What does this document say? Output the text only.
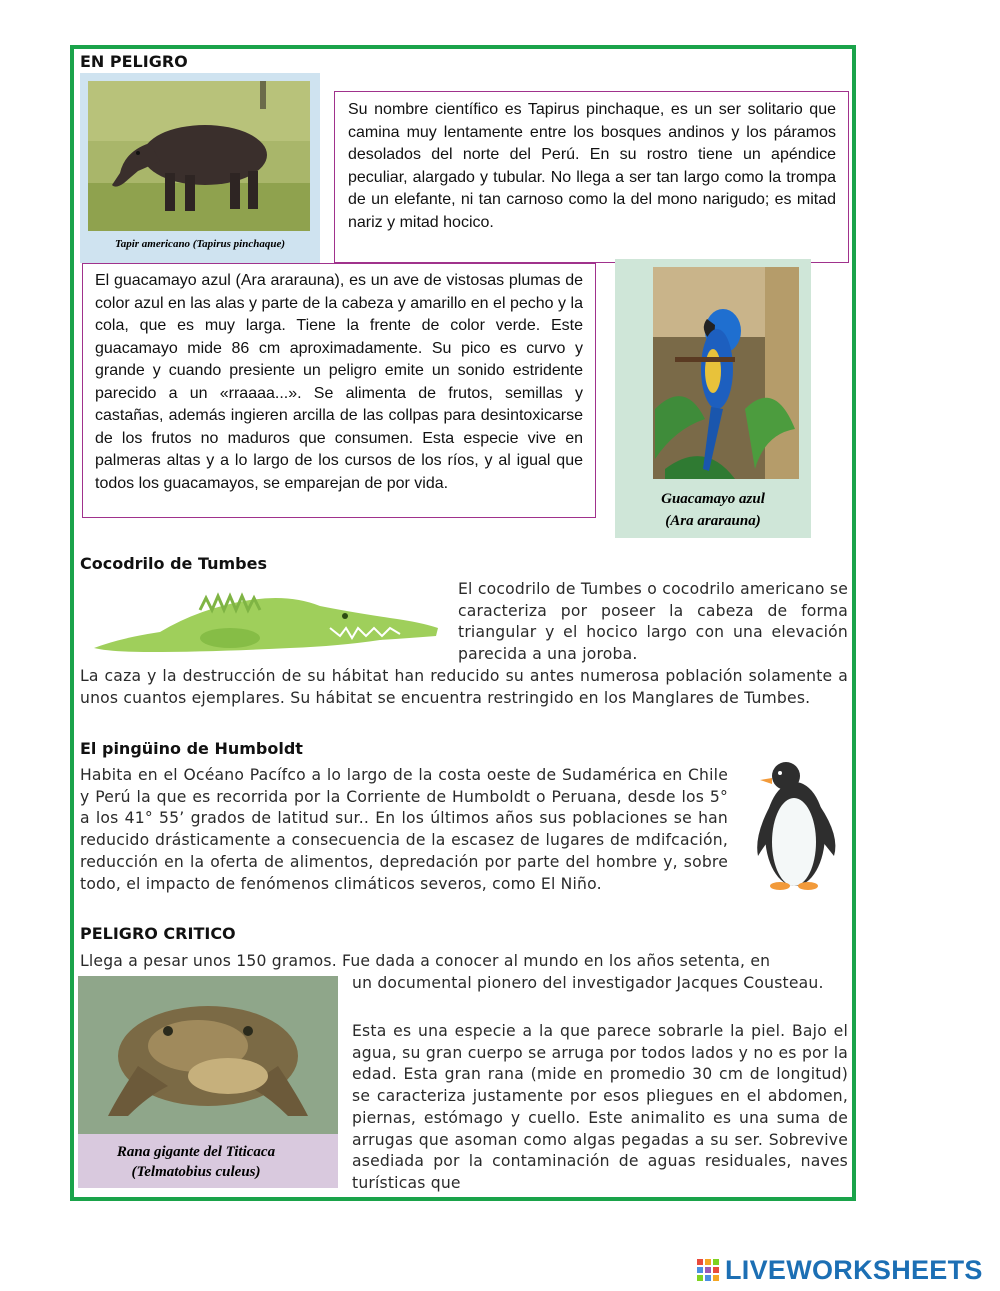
EN PELIGRO
Tapir americano (Tapirus pinchaque)
Su nombre científico es Tapirus pinchaque, es un ser solitario que camina muy lentamente entre los bosques andinos y los páramos desolados del norte del Perú. En su rostro tiene un apéndice peculiar, alargado y tubular. No llega a ser tan largo como la trompa de un elefante, ni tan carnoso como la del mono narigudo; es mitad nariz y mitad hocico.
El guacamayo azul (Ara ararauna), es un ave de vistosas plumas de color azul en las alas y parte de la cabeza y amarillo en el pecho y la cola, que es muy larga. Tiene la frente de color verde. Este guacamayo mide 86 cm aproximadamente. Su pico es curvo y grande y cuando presiente un peligro emite un sonido estridente parecido a un «rraaaa...». Se alimenta de frutos, semillas y castañas, además ingieren arcilla de las collpas para desintoxicarse de los frutos no maduros que consumen. Esta especie vive en palmeras altas y a lo largo de los cursos de los ríos, y al igual que todos los guacamayos, se emparejan de por vida.
Guacamayo azul
(Ara ararauna)
Cocodrilo de Tumbes
El cocodrilo de Tumbes o cocodrilo americano se caracteriza por poseer la cabeza de forma triangular y el hocico largo con una elevación parecida a una joroba.
La caza y la destrucción de su hábitat han reducido su antes numerosa población solamente a unos cuantos ejemplares. Su hábitat se encuentra restringido en los Manglares de Tumbes.
El pingüino de Humboldt
Habita en el Océano Pacífco a lo largo de la costa oeste de Sudamérica en Chile y Perú la que es recorrida por la Corriente de Humboldt o Peruana, desde los 5° a los 41° 55’ grados de latitud sur.. En los últimos años sus poblaciones se han reducido drásticamente a consecuencia de la escasez de lugares de mdifcación, reducción en la oferta de alimentos, depredación por parte del hombre y, sobre todo, el impacto de fenómenos climáticos severos, como El Niño.
PELIGRO CRITICO
Llega a pesar unos 150 gramos. Fue dada a conocer al mundo en los años setenta, en
Rana gigante del Titicaca
(Telmatobius culeus)
un documental pionero del investigador Jacques Cousteau.
Esta es una especie a la que parece sobrarle la piel. Bajo el agua, su gran cuerpo se arruga por todos lados y no es por la edad. Esta gran rana (mide en promedio 30 cm de longitud) se caracteriza justamente por esos pliegues en el abdomen, piernas, estómago y cuello. Este animalito es una suma de arrugas que asoman como algas pegadas a su ser. Sobrevive asediada por la contaminación de aguas residuales, naves turísticas que
LIVEWORKSHEETS
